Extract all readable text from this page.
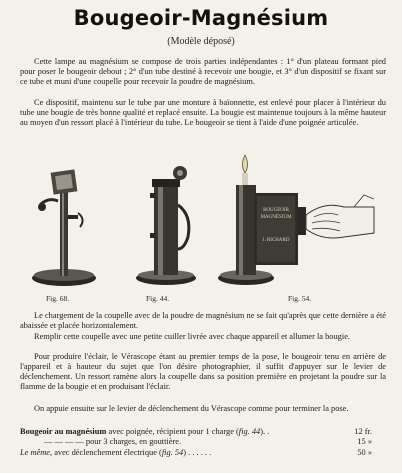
Bougeoir-Magnésium
(Modèle déposé)

Cette lampe au magnésium se compose de trois parties indépendantes : 1° d'un plateau formant pied pour poser le bougeoir debout ; 2° d'un tube destiné à recevoir une bougie, et 3° d'un dispositif se fixant sur ce tube et muni d'une coupelle pour recevoir la poudre de magnésium.

Ce dispositif, maintenu sur le tube par une monture à baïonnette, est enlevé pour placer à l'intérieur du tube une bougie de très bonne qualité et replacé ensuite. La bougie est maintenue toujours à la même hauteur au moyen d'un ressort placé à l'intérieur du tube. Le bougeoir se tient à l'aide d'une poignée articulée.

Fig. 68.	Fig. 44.
BOUGEOIR
MAGNÉSIUM
J. RICHARD
Fig. 54.

Le chargement de la coupelle avec de la poudre de magnésium ne se fait qu'après que cette dernière a été abaissée et placée horizontalement.

Remplir cette coupelle avec une petite cuiller livrée avec chaque appareil et allumer la bougie.

Pour produire l'éclair, le Vérascope étant au premier temps de la pose, le bougeoir tenu en arrière de l'appareil et à hauteur du sujet que l'on désire photographier, il suffit d'appuyer sur le levier de déclenchement. Un ressort ramène alors la coupelle dans sa position première en projetant la poudre sur la flamme de la bougie et en produisant l'éclair.

On appuie ensuite sur le levier de déclenchement du Vérascope comme pour terminer la pose.

Bougeoir au magnésium avec poignée, récipient pour 1 charge (fig. 44). .	12 fr.
— — — — pour 3 charges, en gouttière.	15 »
Le même, avec déclenchement électrique (fig. 54) . . . . . .	50 »
